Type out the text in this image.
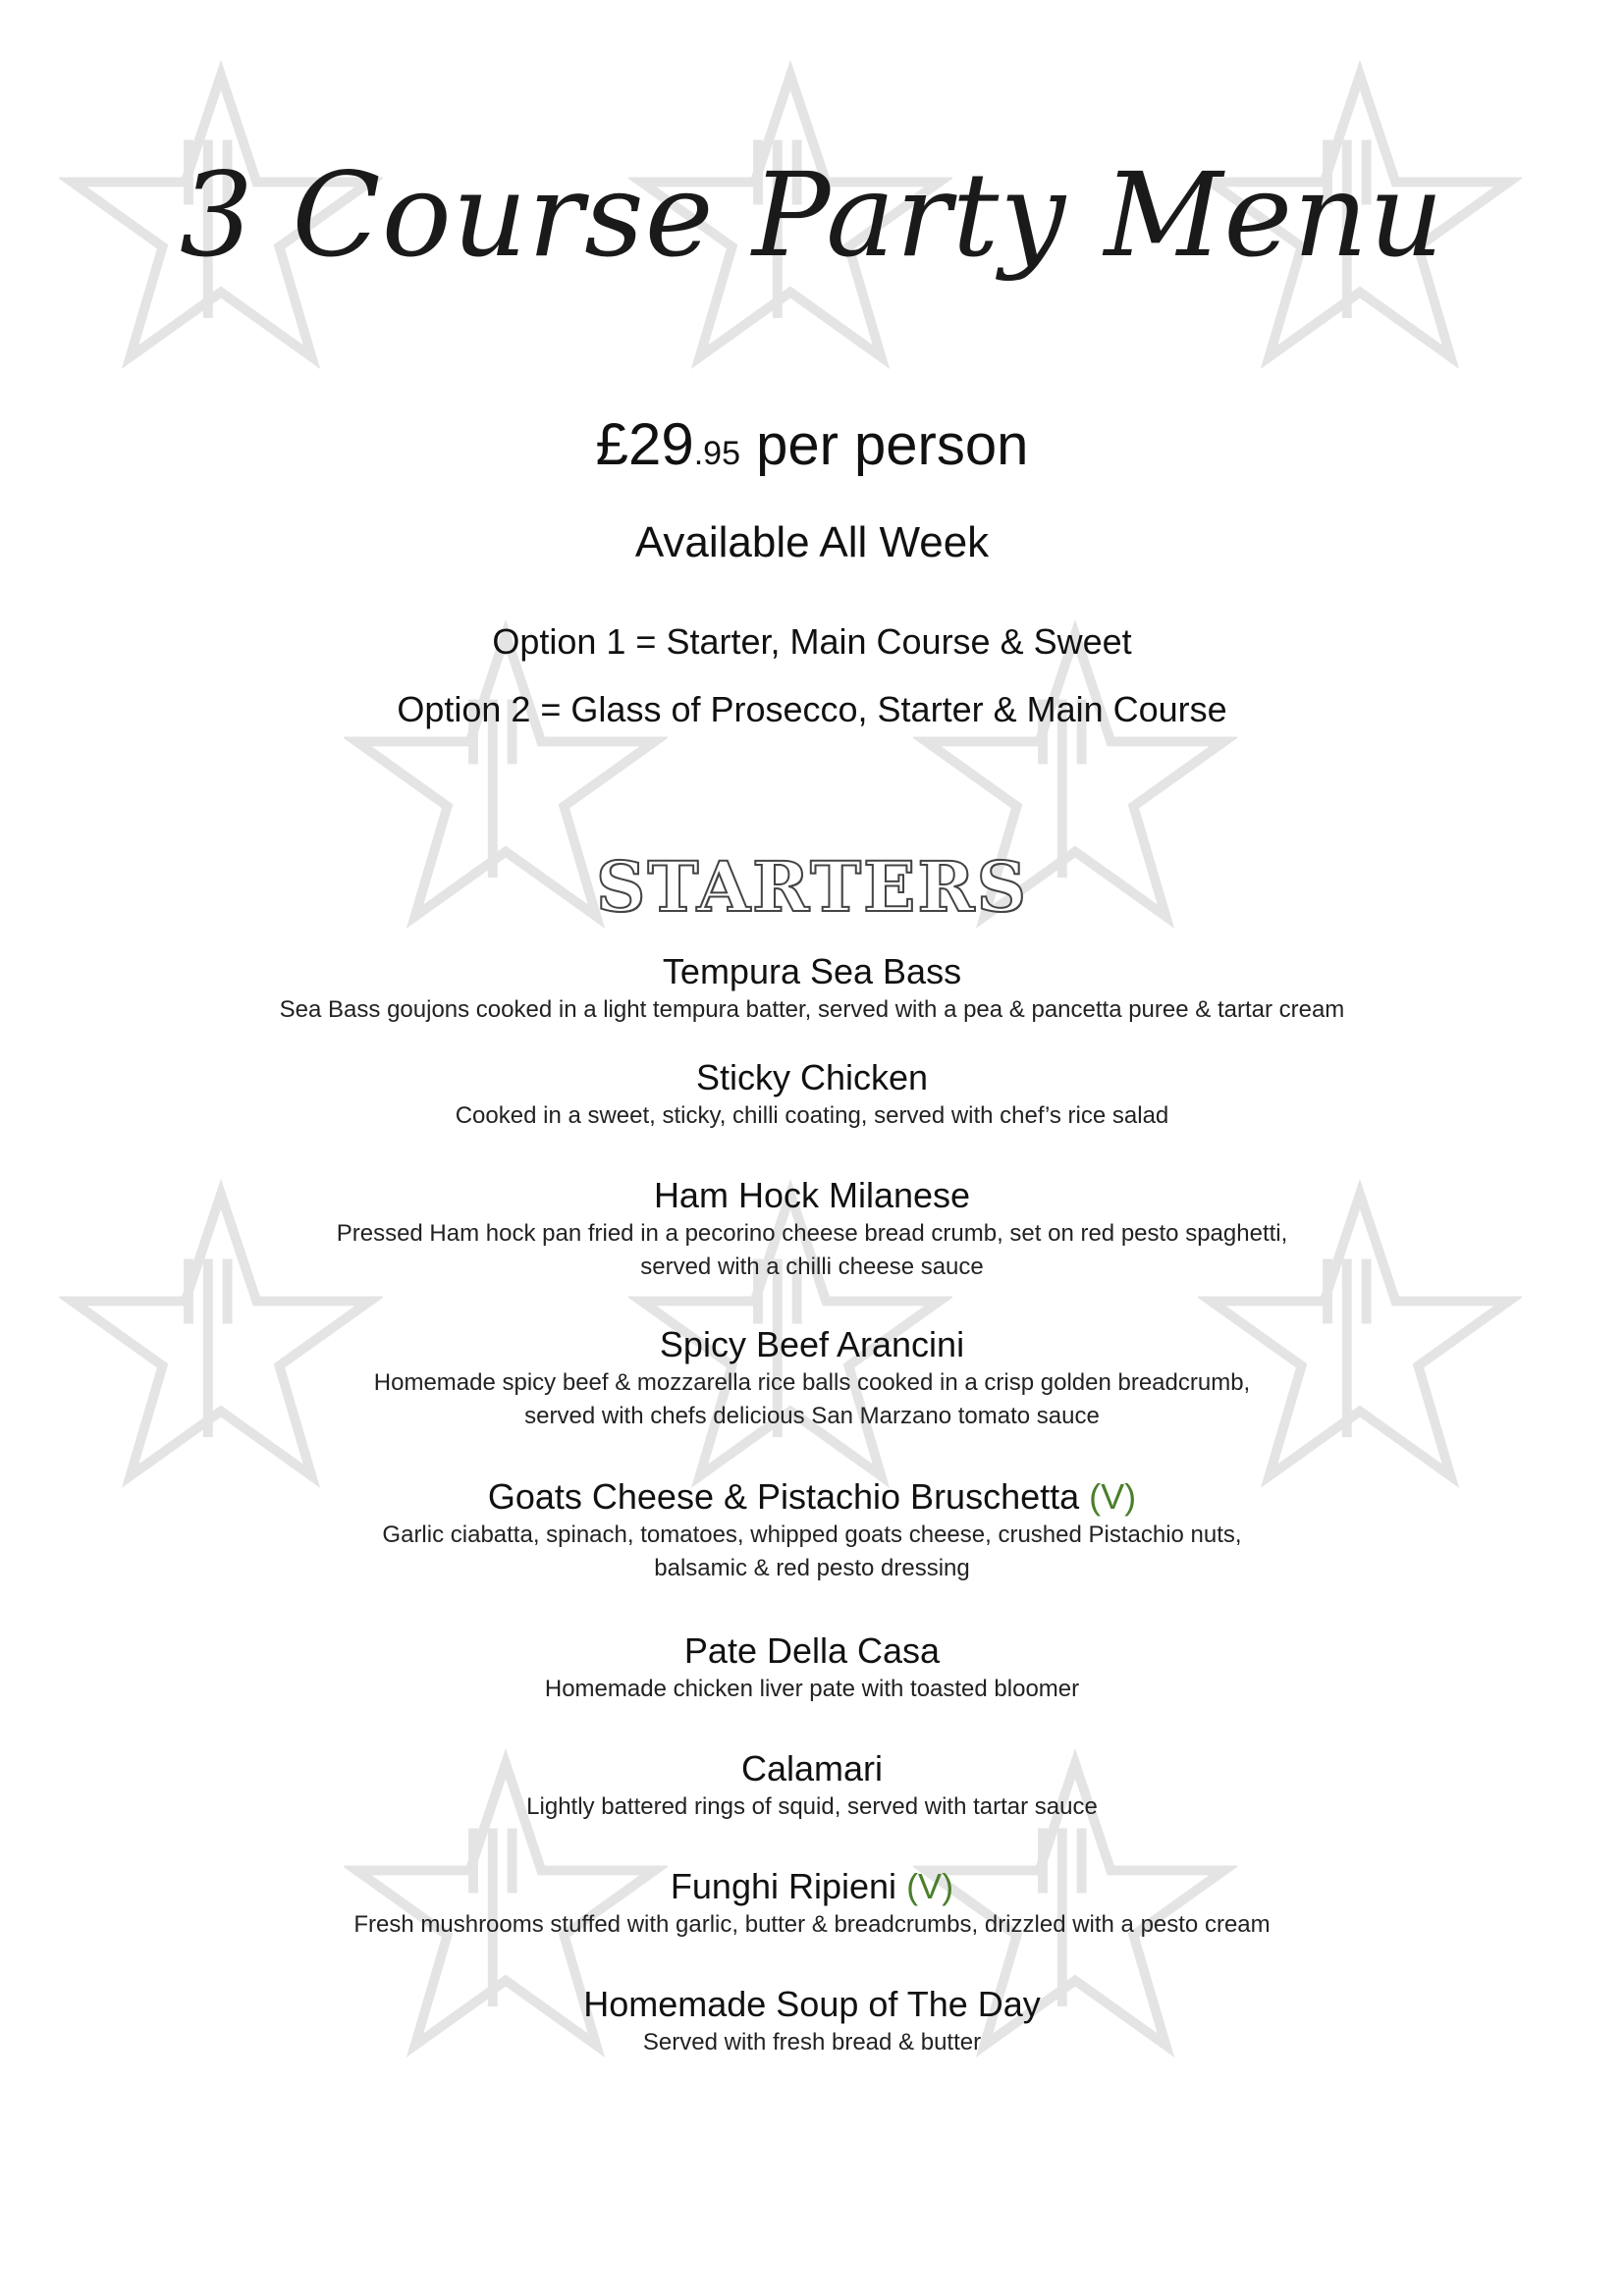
3 Course Party Menu
£29.95 per person
Available All Week
Option 1 = Starter, Main Course & Sweet
Option 2 = Glass of Prosecco, Starter & Main Course
STARTERS
Tempura Sea Bass
Sea Bass goujons cooked in a light tempura batter, served with a pea & pancetta puree & tartar cream
Sticky Chicken
Cooked in a sweet, sticky, chilli coating, served with chef’s rice salad
Ham Hock Milanese
Pressed Ham hock pan fried in a pecorino cheese bread crumb, set on red pesto spaghetti,
served with a chilli cheese sauce
Spicy Beef Arancini
Homemade spicy beef & mozzarella rice balls cooked in a crisp golden breadcrumb,
served with chefs delicious San Marzano tomato sauce
Goats Cheese & Pistachio Bruschetta (V)
Garlic ciabatta, spinach, tomatoes, whipped goats cheese, crushed Pistachio nuts,
balsamic & red pesto dressing
Pate Della Casa
Homemade chicken liver pate with toasted bloomer
Calamari
Lightly battered rings of squid, served with tartar sauce
Funghi Ripieni (V)
Fresh mushrooms stuffed with garlic, butter & breadcrumbs, drizzled with a pesto cream
Homemade Soup of The Day
Served with fresh bread & butter
